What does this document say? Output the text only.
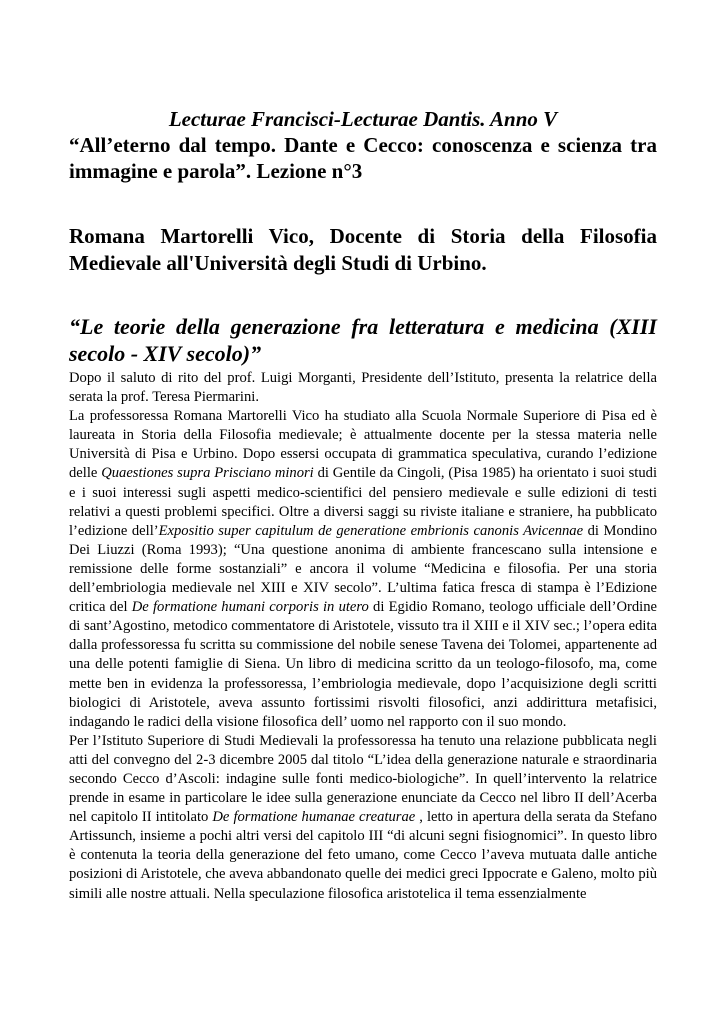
Lecturae Francisci-Lecturae Dantis. Anno V
“All’eterno dal tempo. Dante e Cecco: conoscenza e scienza tra immagine e parola”. Lezione n°3
Romana Martorelli Vico, Docente di Storia della Filosofia Medievale all'Università degli Studi di Urbino.
“Le teorie della generazione fra letteratura e medicina (XIII secolo - XIV secolo)”

Dopo il saluto di rito del prof. Luigi Morganti, Presidente dell’Istituto, presenta la relatrice della serata la prof. Teresa Piermarini.

La professoressa Romana Martorelli Vico ha studiato alla Scuola Normale Superiore di Pisa ed è laureata in Storia della Filosofia medievale; è attualmente docente per la stessa materia nelle Università di Pisa e Urbino. Dopo essersi occupata di grammatica speculativa, curando l’edizione delle Quaestiones supra Prisciano minori di Gentile da Cingoli, (Pisa 1985) ha orientato i suoi studi e i suoi interessi sugli aspetti medico-scientifici del pensiero medievale e sulle edizioni di testi relativi a questi problemi specifici. Oltre a diversi saggi su riviste italiane e straniere, ha pubblicato l’edizione dell’Expositio super capitulum de generatione embrionis canonis Avicennae di Mondino Dei Liuzzi (Roma 1993); “Una questione anonima di ambiente francescano sulla intensione e remissione delle forme sostanziali” e ancora il volume “Medicina e filosofia. Per una storia dell’embriologia medievale nel XIII e XIV secolo”. L’ultima fatica fresca di stampa è l’Edizione critica del De formatione humani corporis in utero di Egidio Romano, teologo ufficiale dell’Ordine di sant’Agostino, metodico commentatore di Aristotele, vissuto tra il XIII e il XIV sec.; l’opera edita dalla professoressa fu scritta su commissione del nobile senese Tavena dei Tolomei, appartenente ad una delle potenti famiglie di Siena. Un libro di medicina scritto da un teologo-filosofo, ma, come mette ben in evidenza la professoressa, l’embriologia medievale, dopo l’acquisizione degli scritti biologici di Aristotele, aveva assunto fortissimi risvolti filosofici, anzi addirittura metafisici, indagando le radici della visione filosofica dell’ uomo nel rapporto con il suo mondo.

Per l’Istituto Superiore di Studi Medievali la professoressa ha tenuto una relazione pubblicata negli atti del convegno del 2-3 dicembre 2005 dal titolo “L’idea della generazione naturale e straordinaria secondo Cecco d’Ascoli: indagine sulle fonti medico-biologiche”. In quell’intervento la relatrice prende in esame in particolare le idee sulla generazione enunciate da Cecco nel libro II dell’Acerba nel capitolo II intitolato De formatione humanae creaturae , letto in apertura della serata da Stefano Artissunch, insieme a pochi altri versi del capitolo III “di alcuni segni fisiognomici”. In questo libro è contenuta la teoria della generazione del feto umano, come Cecco l’aveva mutuata dalle antiche posizioni di Aristotele, che aveva abbandonato quelle dei medici greci Ippocrate e Galeno, molto più simili alle nostre attuali. Nella speculazione filosofica aristotelica il tema essenzialmente
